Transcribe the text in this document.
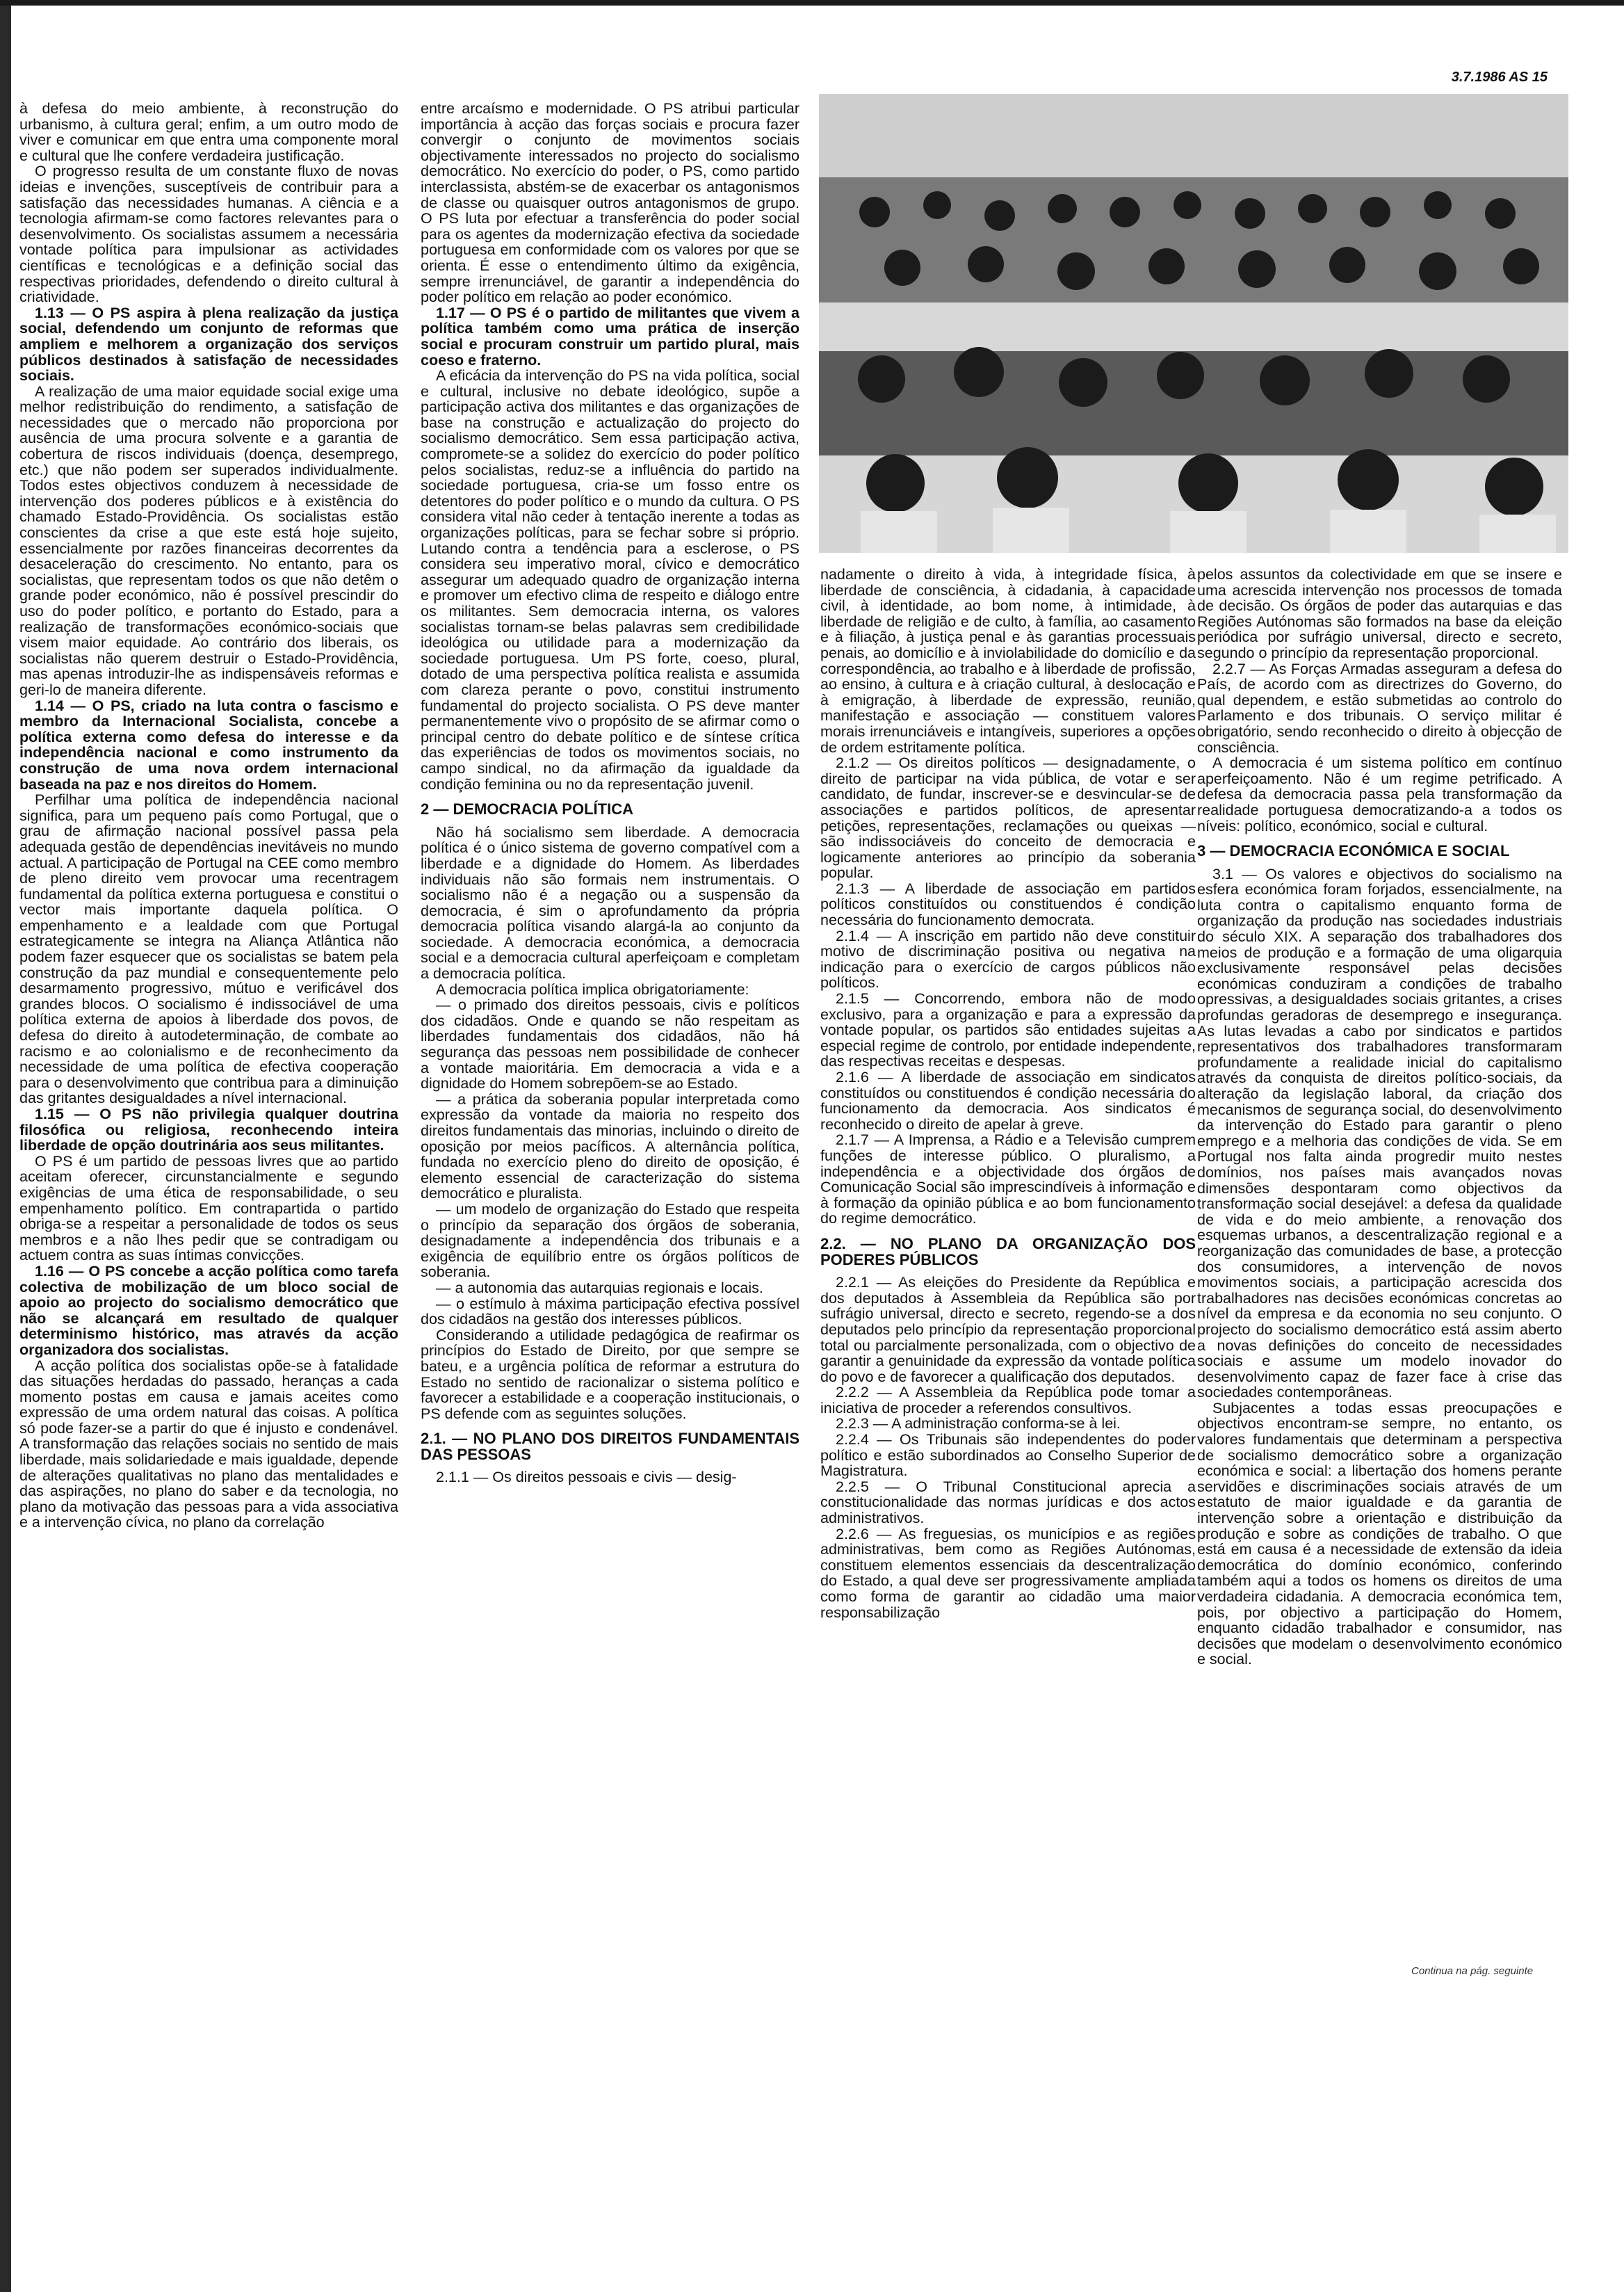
3.7.1986 AS 15

à defesa do meio ambiente, à reconstrução do urbanismo, à cultura geral; enfim, a um outro modo de viver e comunicar em que entra uma componente moral e cultural que lhe confere verdadeira justificação.

O progresso resulta de um constante fluxo de novas ideias e invenções, susceptíveis de contribuir para a satisfação das necessidades humanas. A ciência e a tecnologia afirmam-se como factores relevantes para o desenvolvimento. Os socialistas assumem a necessária vontade política para impulsionar as actividades científicas e tecnológicas e a definição social das respectivas prioridades, defendendo o direito cultural à criatividade.

1.13 — O PS aspira à plena realização da justiça social, defendendo um conjunto de reformas que ampliem e melhorem a organização dos serviços públicos destinados à satisfação de necessidades sociais.

A realização de uma maior equidade social exige uma melhor redistribuição do rendimento, a satisfação de necessidades que o mercado não proporciona por ausência de uma procura solvente e a garantia de cobertura de riscos individuais (doença, desemprego, etc.) que não podem ser superados individualmente. Todos estes objectivos conduzem à necessidade de intervenção dos poderes públicos e à existência do chamado Estado-Providência. Os socialistas estão conscientes da crise a que este está hoje sujeito, essencialmente por razões financeiras decorrentes da desaceleração do crescimento. No entanto, para os socialistas, que representam todos os que não detêm o grande poder económico, não é possível prescindir do uso do poder político, e portanto do Estado, para a realização de transformações económico-sociais que visem maior equidade. Ao contrário dos liberais, os socialistas não querem destruir o Estado-Providência, mas apenas introduzir-lhe as indispensáveis reformas e geri-lo de maneira diferente.

1.14 — O PS, criado na luta contra o fascismo e membro da Internacional Socialista, concebe a política externa como defesa do interesse e da independência nacional e como instrumento da construção de uma nova ordem internacional baseada na paz e nos direitos do Homem.

Perfilhar uma política de independência nacional significa, para um pequeno país como Portugal, que o grau de afirmação nacional possível passa pela adequada gestão de dependências inevitáveis no mundo actual. A participação de Portugal na CEE como membro de pleno direito vem provocar uma recentragem fundamental da política externa portuguesa e constitui o vector mais importante daquela política. O empenhamento e a lealdade com que Portugal estrategicamente se integra na Aliança Atlântica não podem fazer esquecer que os socialistas se batem pela construção da paz mundial e consequentemente pelo desarmamento progressivo, mútuo e verificável dos grandes blocos. O socialismo é indissociável de uma política externa de apoios à liberdade dos povos, de defesa do direito à autodeterminação, de combate ao racismo e ao colonialismo e de reconhecimento da necessidade de uma política de efectiva cooperação para o desenvolvimento que contribua para a diminuição das gritantes desigualdades a nível internacional.

1.15 — O PS não privilegia qualquer doutrina filosófica ou religiosa, reconhecendo inteira liberdade de opção doutrinária aos seus militantes.

O PS é um partido de pessoas livres que ao partido aceitam oferecer, circunstancialmente e segundo exigências de uma ética de responsabilidade, o seu empenhamento político. Em contrapartida o partido obriga-se a respeitar a personalidade de todos os seus membros e a não lhes pedir que se contradigam ou actuem contra as suas íntimas convicções.

1.16 — O PS concebe a acção política como tarefa colectiva de mobilização de um bloco social de apoio ao projecto do socialismo democrático que não se alcançará em resultado de qualquer determinismo histórico, mas através da acção organizadora dos socialistas.

A acção política dos socialistas opõe-se à fatalidade das situações herdadas do passado, heranças a cada momento postas em causa e jamais aceites como expressão de uma ordem natural das coisas. A política só pode fazer-se a partir do que é injusto e condenável. A transformação das relações sociais no sentido de mais liberdade, mais solidariedade e mais igualdade, depende de alterações qualitativas no plano das mentalidades e das aspirações, no plano do saber e da tecnologia, no plano da motivação das pessoas para a vida associativa e a intervenção cívica, no plano da correlação

entre arcaísmo e modernidade. O PS atribui particular importância à acção das forças sociais e procura fazer convergir o conjunto de movimentos sociais objectivamente interessados no projecto do socialismo democrático. No exercício do poder, o PS, como partido interclassista, abstém-se de exacerbar os antagonismos de classe ou quaisquer outros antagonismos de grupo. O PS luta por efectuar a transferência do poder social para os agentes da modernização efectiva da sociedade portuguesa em conformidade com os valores por que se orienta. É esse o entendimento último da exigência, sempre irrenunciável, de garantir a independência do poder político em relação ao poder económico.

1.17 — O PS é o partido de militantes que vivem a política também como uma prática de inserção social e procuram construir um partido plural, mais coeso e fraterno.

A eficácia da intervenção do PS na vida política, social e cultural, inclusive no debate ideológico, supõe a participação activa dos militantes e das organizações de base na construção e actualização do projecto do socialismo democrático. Sem essa participação activa, compromete-se a solidez do exercício do poder político pelos socialistas, reduz-se a influência do partido na sociedade portuguesa, cria-se um fosso entre os detentores do poder político e o mundo da cultura. O PS considera vital não ceder à tentação inerente a todas as organizações políticas, para se fechar sobre si próprio. Lutando contra a tendência para a esclerose, o PS considera seu imperativo moral, cívico e democrático assegurar um adequado quadro de organização interna e promover um efectivo clima de respeito e diálogo entre os militantes. Sem democracia interna, os valores socialistas tornam-se belas palavras sem credibilidade ideológica ou utilidade para a modernização da sociedade portuguesa. Um PS forte, coeso, plural, dotado de uma perspectiva política realista e assumida com clareza perante o povo, constitui instrumento fundamental do projecto socialista. O PS deve manter permanentemente vivo o propósito de se afirmar como o principal centro do debate político e de síntese crítica das experiências de todos os movimentos sociais, no campo sindical, no da afirmação da igualdade da condição feminina ou no da representação juvenil.

2 — DEMOCRACIA POLÍTICA

Não há socialismo sem liberdade. A democracia política é o único sistema de governo compatível com a liberdade e a dignidade do Homem. As liberdades individuais não são formais nem instrumentais. O socialismo não é a negação ou a suspensão da democracia, é sim o aprofundamento da própria democracia política visando alargá-la ao conjunto da sociedade. A democracia económica, a democracia social e a democracia cultural aperfeiçoam e completam a democracia política.

A democracia política implica obrigatoriamente:

— o primado dos direitos pessoais, civis e políticos dos cidadãos. Onde e quando se não respeitam as liberdades fundamentais dos cidadãos, não há segurança das pessoas nem possibilidade de conhecer a vontade maioritária. Em democracia a vida e a dignidade do Homem sobrepõem-se ao Estado.

— a prática da soberania popular interpretada como expressão da vontade da maioria no respeito dos direitos fundamentais das minorias, incluindo o direito de oposição por meios pacíficos. A alternância política, fundada no exercício pleno do direito de oposição, é elemento essencial de caracterização do sistema democrático e pluralista.

— um modelo de organização do Estado que respeita o princípio da separação dos órgãos de soberania, designadamente a independência dos tribunais e a exigência de equilíbrio entre os órgãos políticos de soberania.

— a autonomia das autarquias regionais e locais.

— o estímulo à máxima participação efectiva possível dos cidadãos na gestão dos interesses públicos.

Considerando a utilidade pedagógica de reafirmar os princípios do Estado de Direito, por que sempre se bateu, e a urgência política de reformar a estrutura do Estado no sentido de racionalizar o sistema político e favorecer a estabilidade e a cooperação institucionais, o PS defende com as seguintes soluções.

2.1. — NO PLANO DOS DIREITOS FUNDAMENTAIS DAS PESSOAS

2.1.1 — Os direitos pessoais e civis — desig-

nadamente o direito à vida, à integridade física, à liberdade de consciência, à cidadania, à capacidade civil, à identidade, ao bom nome, à intimidade, à liberdade de religião e de culto, à família, ao casamento e à filiação, à justiça penal e às garantias processuais penais, ao domicílio e à inviolabilidade do domicílio e da correspondência, ao trabalho e à liberdade de profissão, ao ensino, à cultura e à criação cultural, à deslocação e à emigração, à liberdade de expressão, reunião, manifestação e associação — constituem valores morais irrenunciáveis e intangíveis, superiores a opções de ordem estritamente política.

2.1.2 — Os direitos políticos — designadamente, o direito de participar na vida pública, de votar e ser candidato, de fundar, inscrever-se e desvincular-se de associações e partidos políticos, de apresentar petições, representações, reclamações ou queixas — são indissociáveis do conceito de democracia e logicamente anteriores ao princípio da soberania popular.

2.1.3 — A liberdade de associação em partidos políticos constituídos ou constituendos é condição necessária do funcionamento democrata.

2.1.4 — A inscrição em partido não deve constituir motivo de discriminação positiva ou negativa na indicação para o exercício de cargos públicos não políticos.

2.1.5 — Concorrendo, embora não de modo exclusivo, para a organização e para a expressão da vontade popular, os partidos são entidades sujeitas a especial regime de controlo, por entidade independente, das respectivas receitas e despesas.

2.1.6 — A liberdade de associação em sindicatos constituídos ou constituendos é condição necessária do funcionamento da democracia. Aos sindicatos é reconhecido o direito de apelar à greve.

2.1.7 — A Imprensa, a Rádio e a Televisão cumprem funções de interesse público. O pluralismo, a independência e a objectividade dos órgãos de Comunicação Social são imprescindíveis à informação e à formação da opinião pública e ao bom funcionamento do regime democrático.

2.2. — NO PLANO DA ORGANIZAÇÃO DOS PODERES PÚBLICOS

2.2.1 — As eleições do Presidente da República e dos deputados à Assembleia da República são por sufrágio universal, directo e secreto, regendo-se a dos deputados pelo princípio da representação proporcional total ou parcialmente personalizada, com o objectivo de garantir a genuinidade da expressão da vontade política do povo e de favorecer a qualificação dos deputados.

2.2.2 — A Assembleia da República pode tomar a iniciativa de proceder a referendos consultivos.

2.2.3 — A administração conforma-se à lei.

2.2.4 — Os Tribunais são independentes do poder político e estão subordinados ao Conselho Superior de Magistratura.

2.2.5 — O Tribunal Constitucional aprecia a constitucionalidade das normas jurídicas e dos actos administrativos.

2.2.6 — As freguesias, os municípios e as regiões administrativas, bem como as Regiões Autónomas, constituem elementos essenciais da descentralização do Estado, a qual deve ser progressivamente ampliada como forma de garantir ao cidadão uma maior responsabilização

pelos assuntos da colectividade em que se insere e uma acrescida intervenção nos processos de tomada de decisão. Os órgãos de poder das autarquias e das Regiões Autónomas são formados na base da eleição periódica por sufrágio universal, directo e secreto, segundo o princípio da representação proporcional.

2.2.7 — As Forças Armadas asseguram a defesa do País, de acordo com as directrizes do Governo, do qual dependem, e estão submetidas ao controlo do Parlamento e dos tribunais. O serviço militar é obrigatório, sendo reconhecido o direito à objecção de consciência.

A democracia é um sistema político em contínuo aperfeiçoamento. Não é um regime petrificado. A defesa da democracia passa pela transformação da realidade portuguesa democratizando-a a todos os níveis: político, económico, social e cultural.

3 — DEMOCRACIA ECONÓMICA E SOCIAL

3.1 — Os valores e objectivos do socialismo na esfera económica foram forjados, essencialmente, na luta contra o capitalismo enquanto forma de organização da produção nas sociedades industriais do século XIX. A separação dos trabalhadores dos meios de produção e a formação de uma oligarquia exclusivamente responsável pelas decisões económicas conduziram a condições de trabalho opressivas, a desigualdades sociais gritantes, a crises profundas geradoras de desemprego e insegurança. As lutas levadas a cabo por sindicatos e partidos representativos dos trabalhadores transformaram profundamente a realidade inicial do capitalismo através da conquista de direitos político-sociais, da alteração da legislação laboral, da criação dos mecanismos de segurança social, do desenvolvimento da intervenção do Estado para garantir o pleno emprego e a melhoria das condições de vida. Se em Portugal nos falta ainda progredir muito nestes domínios, nos países mais avançados novas dimensões despontaram como objectivos da transformação social desejável: a defesa da qualidade de vida e do meio ambiente, a renovação dos esquemas urbanos, a descentralização regional e a reorganização das comunidades de base, a protecção dos consumidores, a intervenção de novos movimentos sociais, a participação acrescida dos trabalhadores nas decisões económicas concretas ao nível da empresa e da economia no seu conjunto. O projecto do socialismo democrático está assim aberto a novas definições do conceito de necessidades sociais e assume um modelo inovador do desenvolvimento capaz de fazer face à crise das sociedades contemporâneas.

Subjacentes a todas essas preocupações e objectivos encontram-se sempre, no entanto, os valores fundamentais que determinam a perspectiva de socialismo democrático sobre a organização económica e social: a libertação dos homens perante servidões e discriminações sociais através de um estatuto de maior igualdade e da garantia de intervenção sobre a orientação e distribuição da produção e sobre as condições de trabalho. O que está em causa é a necessidade de extensão da ideia democrática do domínio económico, conferindo também aqui a todos os homens os direitos de uma verdadeira cidadania. A democracia económica tem, pois, por objectivo a participação do Homem, enquanto cidadão trabalhador e consumidor, nas decisões que modelam o desenvolvimento económico e social.

Continua na pág. seguinte
